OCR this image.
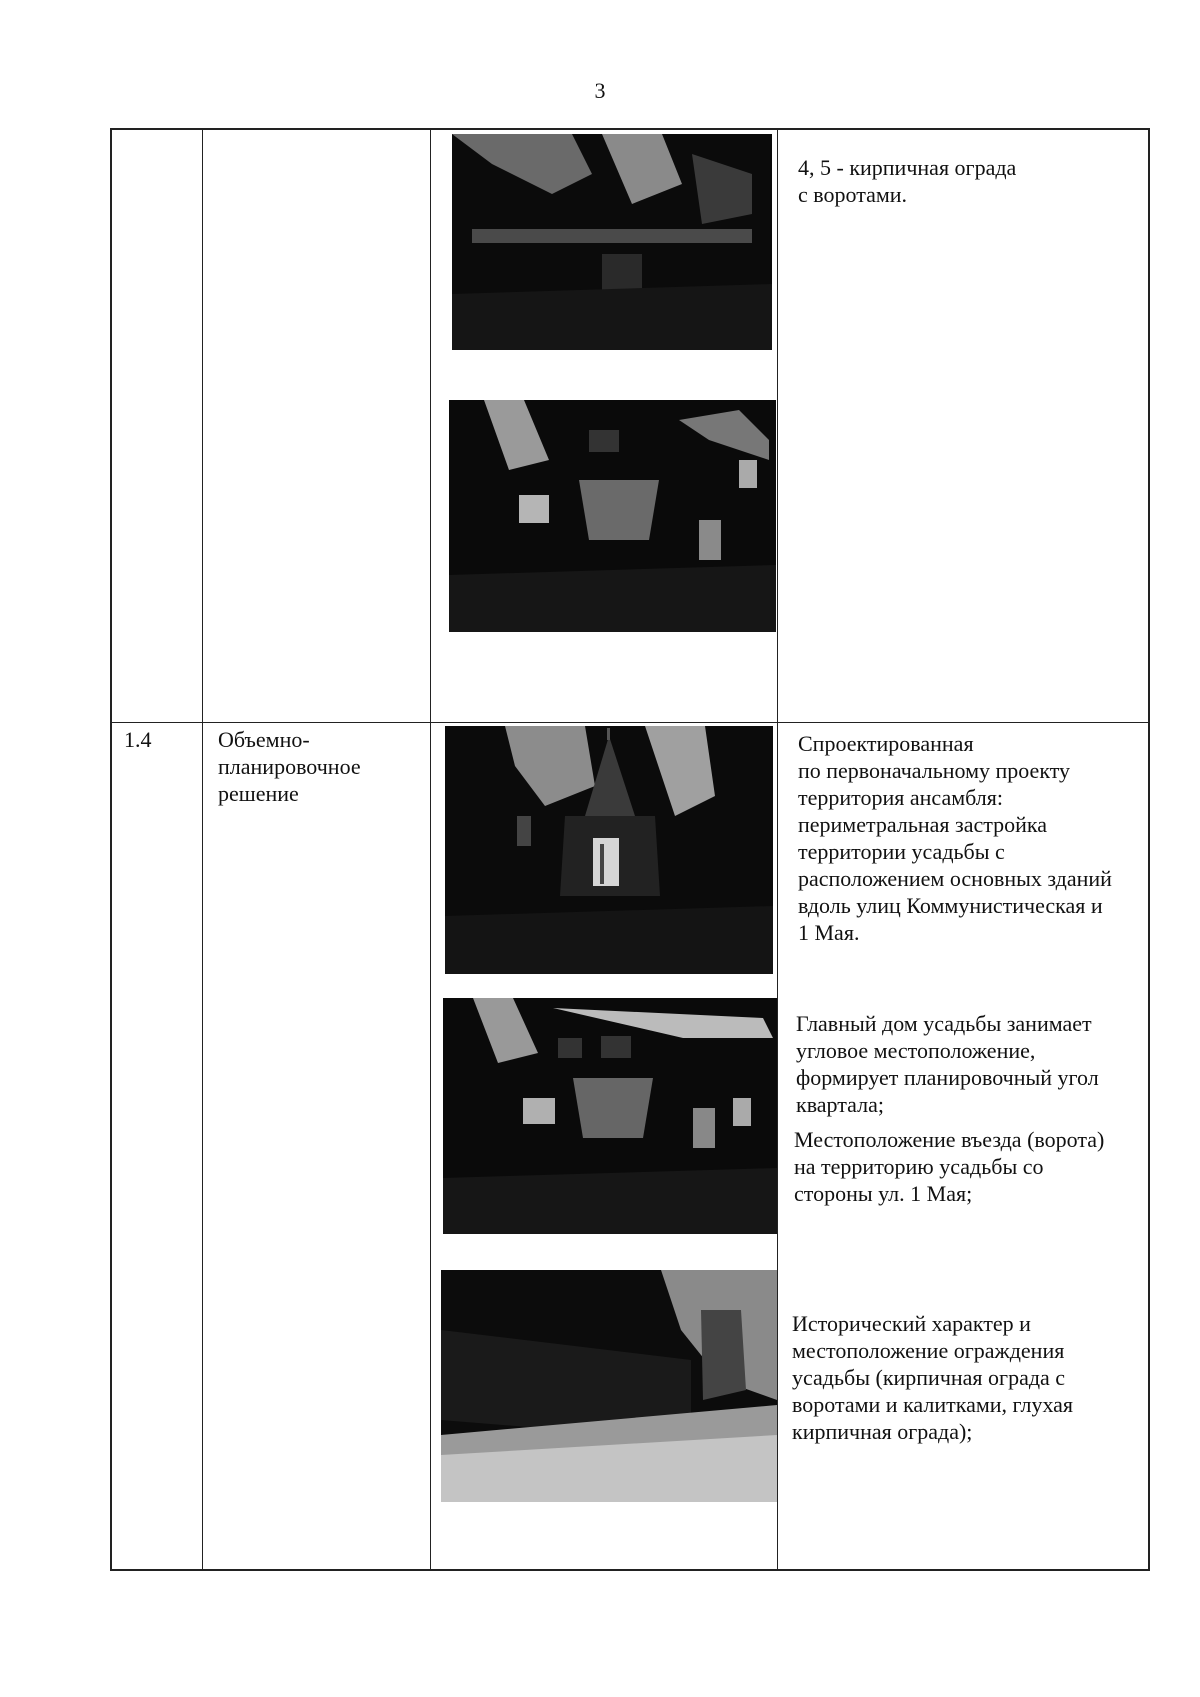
3

4, 5 - кирпичная ограда

с воротами.

1.4	Объемно-

планировочное

решение

Спроектированная

по первоначальному проекту

территория ансамбля:

периметральная застройка

территории усадьбы с

расположением основных зданий

вдоль улиц Коммунистическая и

1 Мая.

Главный дом усадьбы занимает

угловое местоположение,

формирует планировочный угол

квартала;

Местоположение въезда (ворота)

на территорию усадьбы со

стороны ул. 1 Мая;

Исторический характер и

местоположение ограждения

усадьбы (кирпичная ограда с

воротами и калитками, глухая

кирпичная ограда);
